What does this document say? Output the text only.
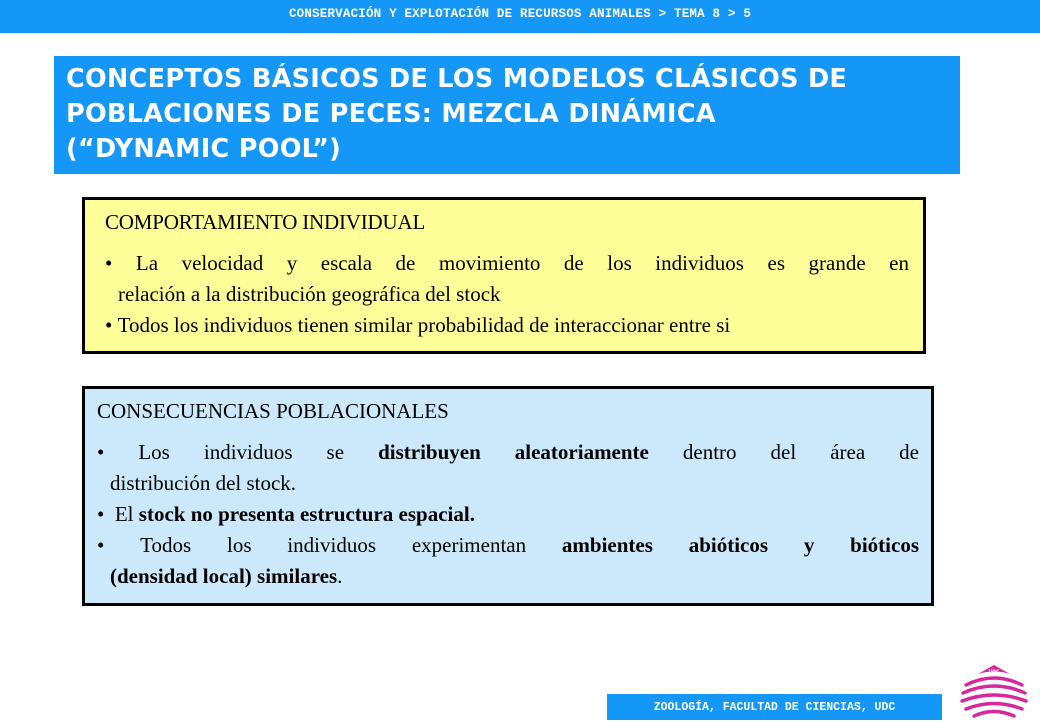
CONSERVACIÓN Y EXPLOTACIÓN DE RECURSOS ANIMALES > TEMA 8 > 5
CONCEPTOS BÁSICOS DE LOS MODELOS CLÁSICOS DE
POBLACIONES DE PECES: MEZCLA DINÁMICA
(“DYNAMIC POOL”)
COMPORTAMIENTO INDIVIDUAL
• La velocidad y escala de movimiento de los individuos es grande en
relación a la distribución geográfica del stock
• Todos los individuos tienen similar probabilidad de interaccionar entre si
CONSECUENCIAS POBLACIONALES
• Los individuos se distribuyen aleatoriamente dentro del área de
distribución del stock.
•  El stock no presenta estructura espacial.
• Todos los individuos experimentan ambientes abióticos y bióticos
(densidad local) similares.
ZOOLOGÍA, FACULTAD DE CIENCIAS, UDC
UDC
